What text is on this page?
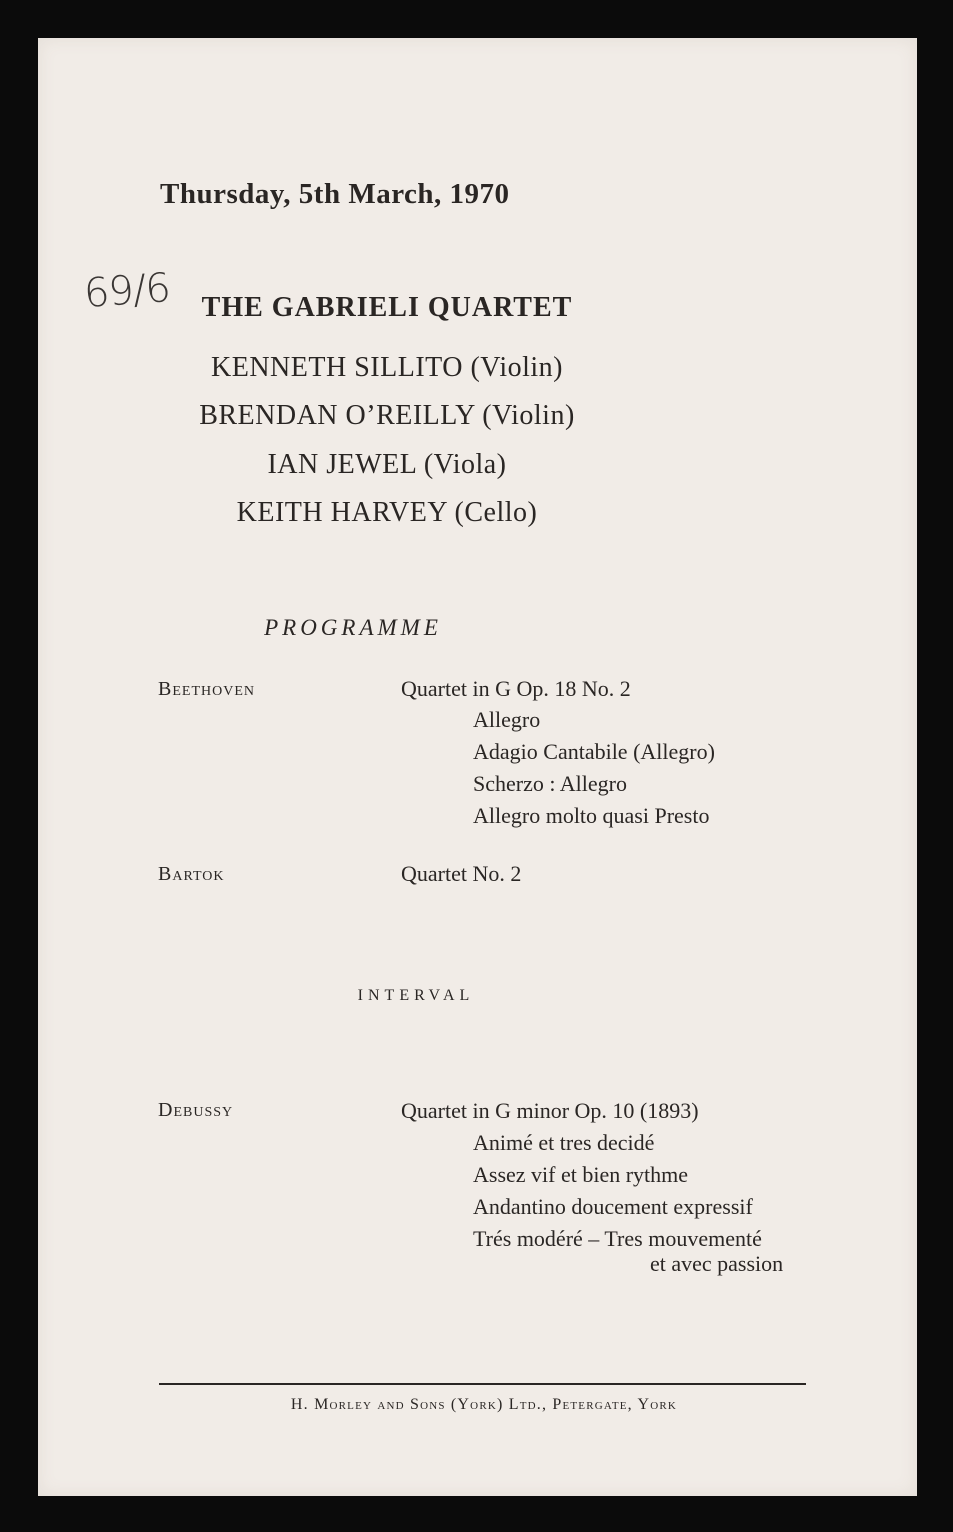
Thursday, 5th March, 1970
69/6	THE GABRIELI QUARTET
KENNETH SILLITO (Violin)
BRENDAN O’REILLY (Violin)
IAN JEWEL (Viola)
KEITH HARVEY (Cello)
PROGRAMME
Beethoven	Quartet in G Op. 18 No. 2
Allegro
Adagio Cantabile (Allegro)
Scherzo : Allegro
Allegro molto quasi Presto
Bartok	Quartet No. 2
INTERVAL
Debussy	Quartet in G minor Op. 10 (1893)
Animé et tres decidé
Assez vif et bien rythme
Andantino doucement expressif
Trés modéré – Tres mouvementé
et avec passion
H. Morley and Sons (York) Ltd., Petergate, York
